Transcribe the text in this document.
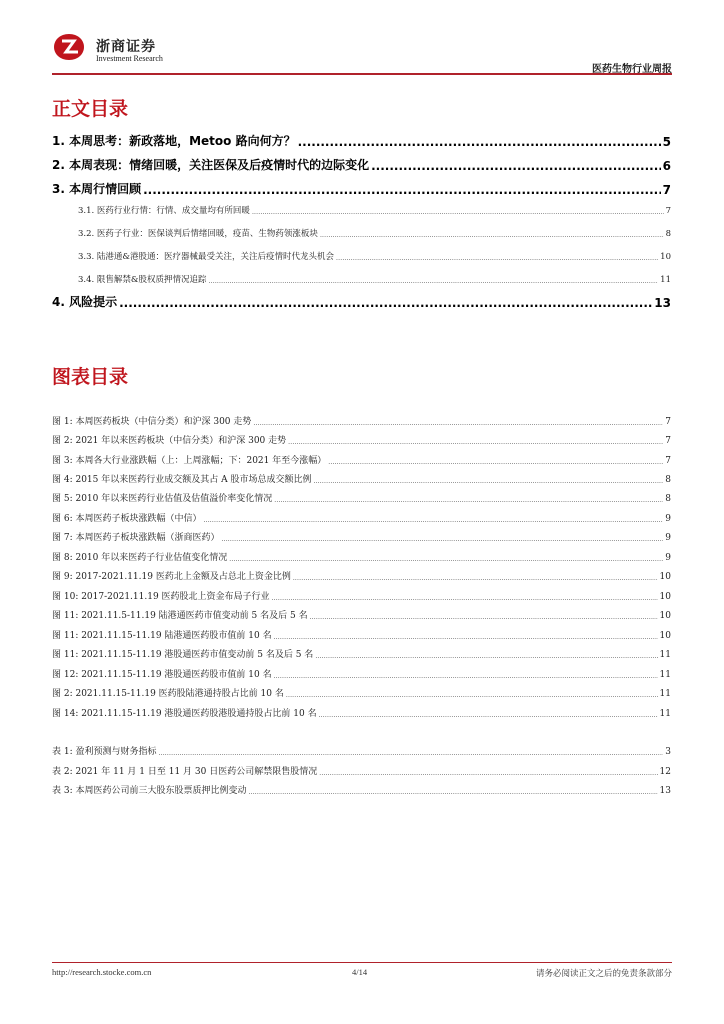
浙商证券
Investment Research
医药生物行业周报
正文目录
1. 本周思考：新政落地，Metoo 路向何方？ .....	5
2. 本周表现：情绪回暖，关注医保及后疫情时代的边际变化 .....	6
3. 本周行情回顾 .....	7
3.1. 医药行业行情：行情、成交量均有所回暖 .....	7
3.2. 医药子行业：医保谈判后情绪回暖，疫苗、生物药领涨板块 .....	8
3.3. 陆港通&港股通：医疗器械最受关注，关注后疫情时代龙头机会 .....	10
3.4. 限售解禁&股权质押情况追踪 .....	11
4. 风险提示 .....	13
图表目录
图 1: 本周医药板块（中信分类）和沪深 300 走势 .....	7
图 2: 2021 年以来医药板块（中信分类）和沪深 300 走势 .....	7
图 3: 本周各大行业涨跌幅（上：上周涨幅；下：2021 年至今涨幅） .....	7
图 4: 2015 年以来医药行业成交额及其占 A 股市场总成交额比例 .....	8
图 5: 2010 年以来医药行业估值及估值溢价率变化情况 .....	8
图 6: 本周医药子板块涨跌幅（中信） .....	9
图 7: 本周医药子板块涨跌幅（浙商医药） .....	9
图 8: 2010 年以来医药子行业估值变化情况 .....	9
图 9: 2017-2021.11.19 医药北上金额及占总北上资金比例 .....	10
图 10: 2017-2021.11.19 医药股北上资金布局子行业 .....	10
图 11: 2021.11.5-11.19 陆港通医药市值变动前 5 名及后 5 名 .....	10
图 11: 2021.11.15-11.19 陆港通医药股市值前 10 名 .....	10
图 11: 2021.11.15-11.19 港股通医药市值变动前 5 名及后 5 名 .....	11
图 12: 2021.11.15-11.19 港股通医药股市值前 10 名 .....	11
图 2: 2021.11.15-11.19 医药股陆港通持股占比前 10 名 .....	11
图 14: 2021.11.15-11.19 港股通医药股港股通持股占比前 10 名 .....	11
表 1: 盈利预测与财务指标 .....	3
表 2: 2021 年 11 月 1 日至 11 月 30 日医药公司解禁限售股情况 .....	12
表 3: 本周医药公司前三大股东股票质押比例变动 .....	13
http://research.stocke.com.cn	4/14	请务必阅读正文之后的免责条款部分
